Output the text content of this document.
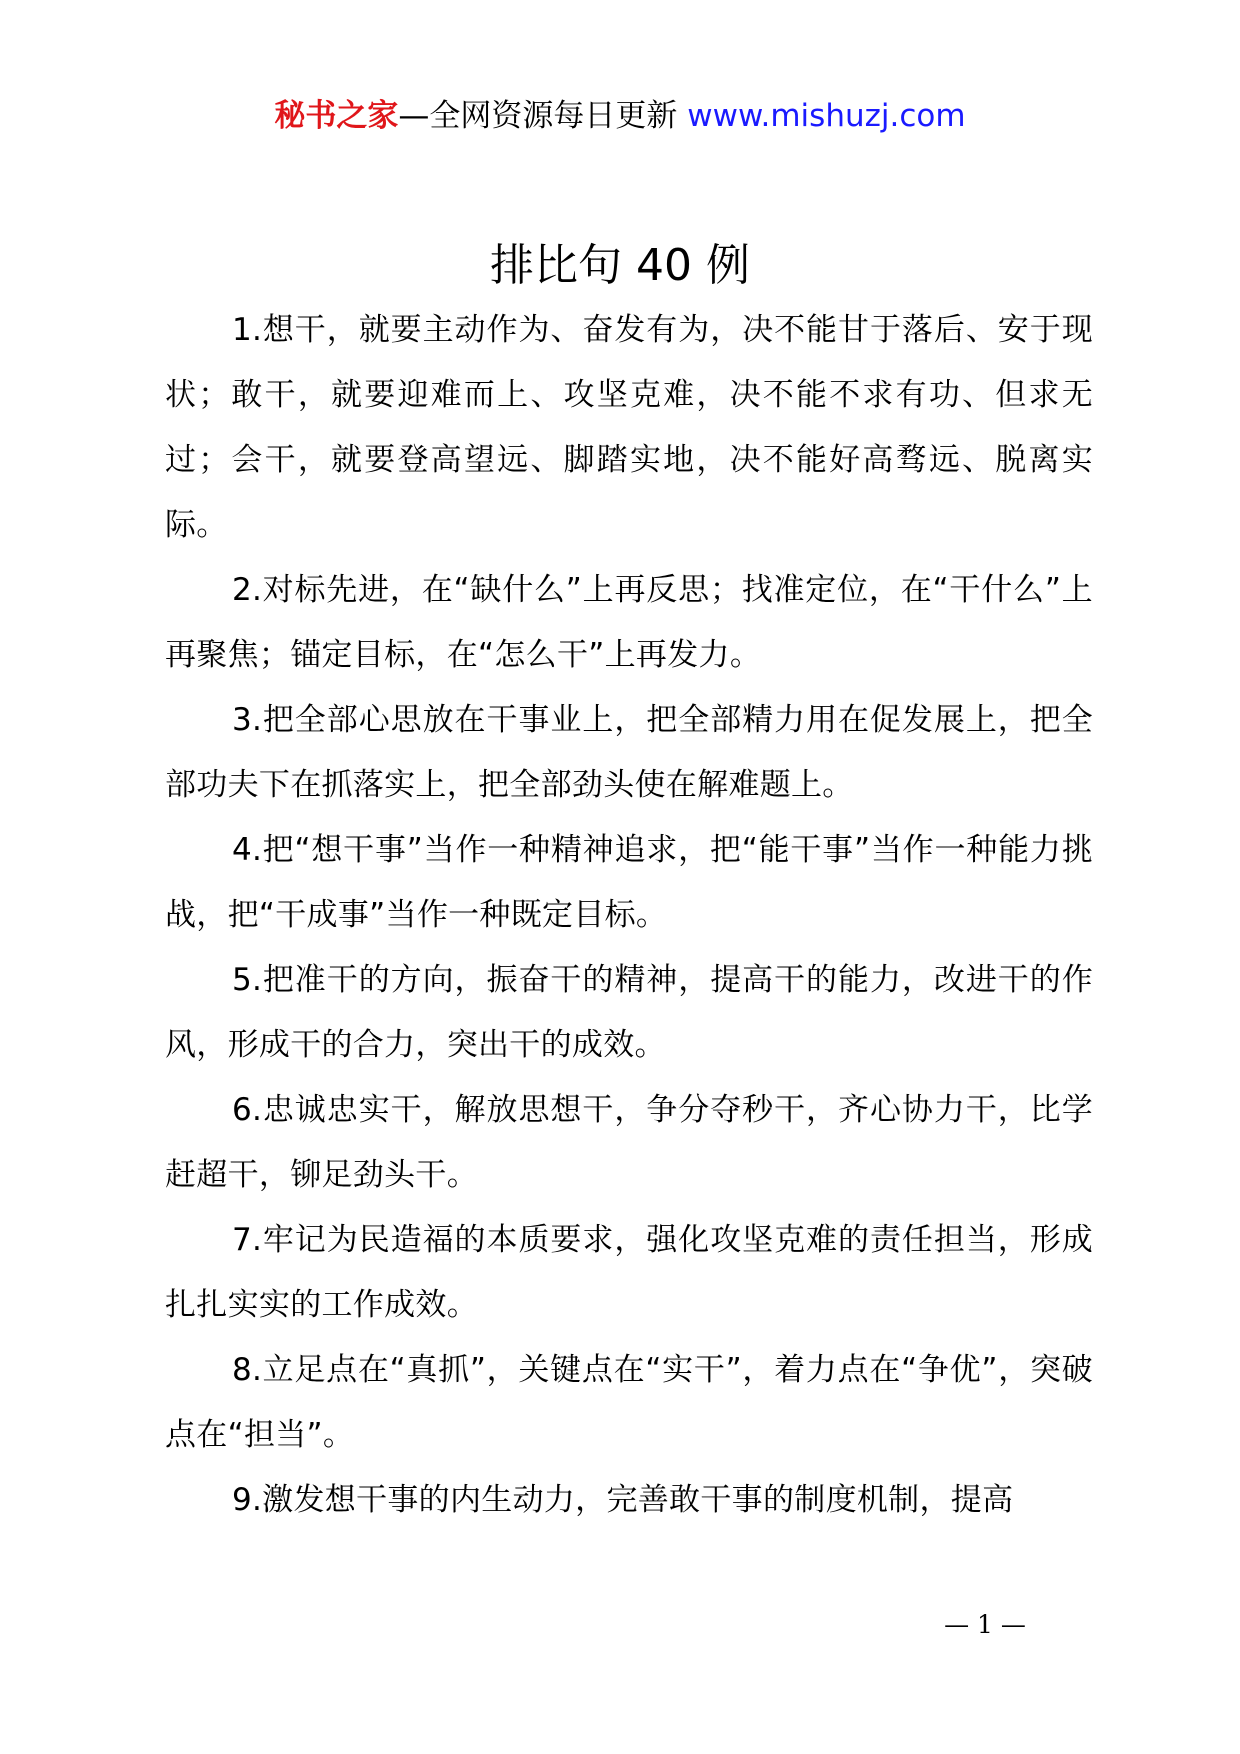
秘书之家—全网资源每日更新 www.mishuzj.com
排比句 40 例

1.想干，就要主动作为、奋发有为，决不能甘于落后、安于现状；敢干，就要迎难而上、攻坚克难，决不能不求有功、但求无过；会干，就要登高望远、脚踏实地，决不能好高骛远、脱离实际。

2.对标先进，在“缺什么”上再反思；找准定位，在“干什么”上再聚焦；锚定目标，在“怎么干”上再发力。

3.把全部心思放在干事业上，把全部精力用在促发展上，把全部功夫下在抓落实上，把全部劲头使在解难题上。

4.把“想干事”当作一种精神追求，把“能干事”当作一种能力挑战，把“干成事”当作一种既定目标。

5.把准干的方向，振奋干的精神，提高干的能力，改进干的作风，形成干的合力，突出干的成效。

6.忠诚忠实干，解放思想干，争分夺秒干，齐心协力干，比学赶超干，铆足劲头干。

7.牢记为民造福的本质要求，强化攻坚克难的责任担当，形成扎扎实实的工作成效。

8.立足点在“真抓”，关键点在“实干”，着力点在“争优”，突破点在“担当”。

9.激发想干事的内生动力，完善敢干事的制度机制，提高

— 1 —
